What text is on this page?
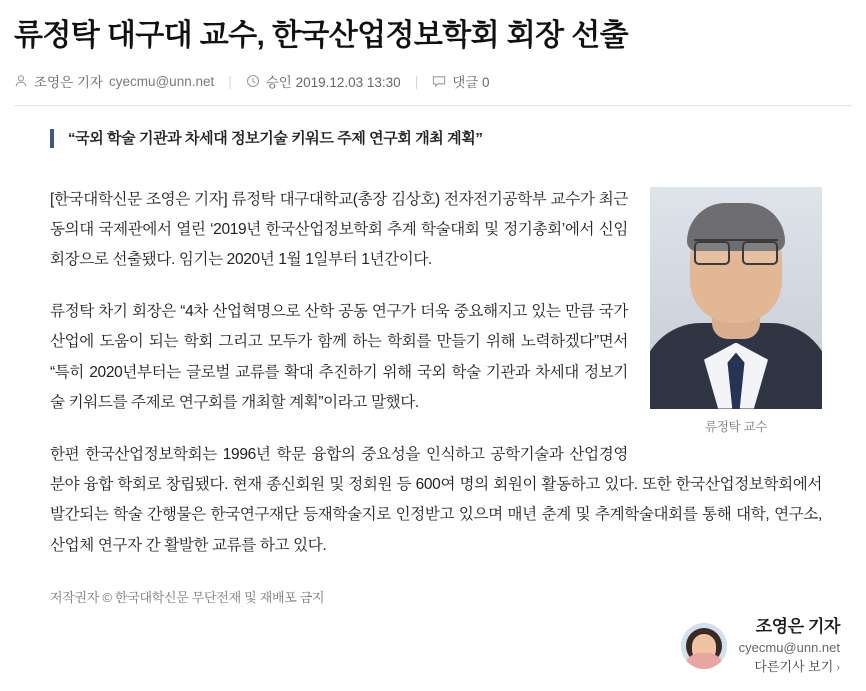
류정탁 대구대 교수, 한국산업정보학회 회장 선출
조영은 기자 cyecmu@unn.net |	승인 2019.12.03 13:30 |	댓글 0
“국외 학술 기관과 차세대 정보기술 키워드 주제 연구회 개최 계획”
류정탁 교수

[한국대학신문 조영은 기자] 류정탁 대구대학교(총장 김상호) 전자전기공학부 교수가 최근 동의대 국제관에서 열린 ‘2019년 한국산업정보학회 추계 학술대회 및 정기총회’에서 신임 회장으로 선출됐다. 임기는 2020년 1월 1일부터 1년간이다.

류정탁 차기 회장은 “4차 산업혁명으로 산학 공동 연구가 더욱 중요해지고 있는 만큼 국가 산업에 도움이 되는 학회 그리고 모두가 함께 하는 학회를 만들기 위해 노력하겠다”면서 “특히 2020년부터는 글로벌 교류를 확대 추진하기 위해 국외 학술 기관과 차세대 정보기술 키워드를 주제로 연구회를 개최할 계획”이라고 말했다.

한편 한국산업정보학회는 1996년 학문 융합의 중요성을 인식하고 공학기술과 산업경영 분야 융합 학회로 창립됐다. 현재 종신회원 및 정회원 등 600여 명의 회원이 활동하고 있다. 또한 한국산업정보학회에서 발간되는 학술 간행물은 한국연구재단 등재학술지로 인정받고 있으며 매년 춘계 및 추계학술대회를 통해 대학, 연구소, 산업체 연구자 간 활발한 교류를 하고 있다.

저작권자 © 한국대학신문 무단전재 및 재배포 금지

조영은 기자
cyecmu@unn.net
다른기사 보기 ›
